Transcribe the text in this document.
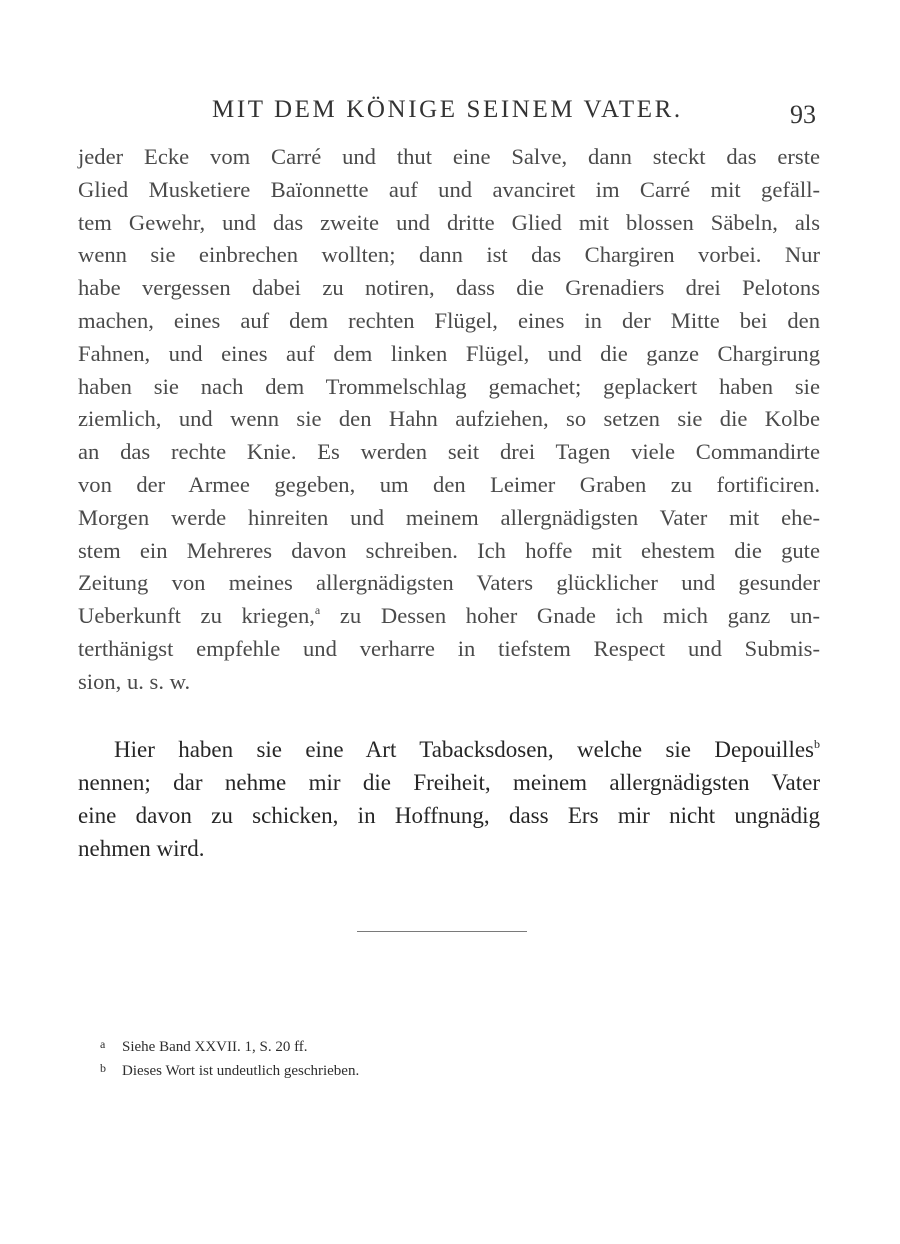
MIT DEM KÖNIGE SEINEM VATER.	93
jeder Ecke vom Carré und thut eine Salve, dann steckt das erste
Glied Musketiere Baïonnette auf und avanciret im Carré mit gefäll-
tem Gewehr, und das zweite und dritte Glied mit blossen Säbeln, als
wenn sie einbrechen wollten; dann ist das Chargiren vorbei. Nur
habe vergessen dabei zu notiren, dass die Grenadiers drei Pelotons
machen, eines auf dem rechten Flügel, eines in der Mitte bei den
Fahnen, und eines auf dem linken Flügel, und die ganze Chargirung
haben sie nach dem Trommelschlag gemachet; geplackert haben sie
ziemlich, und wenn sie den Hahn aufziehen, so setzen sie die Kolbe
an das rechte Knie. Es werden seit drei Tagen viele Commandirte
von der Armee gegeben, um den Leimer Graben zu fortificiren.
Morgen werde hinreiten und meinem allergnädigsten Vater mit ehe-
stem ein Mehreres davon schreiben. Ich hoffe mit ehestem die gute
Zeitung von meines allergnädigsten Vaters glücklicher und gesunder
Ueberkunft zu kriegen,$^a$ zu Dessen hoher Gnade ich mich ganz un-
terthänigst empfehle und verharre in tiefstem Respect und Submis-
sion, u. s. w.
Hier haben sie eine Art Tabacksdosen, welche sie Depouilles$^b$
nennen; dar nehme mir die Freiheit, meinem allergnädigsten Vater
eine davon zu schicken, in Hoffnung, dass Ers mir nicht ungnädig
nehmen wird.
a Siehe Band XXVII. 1, S. 20 ff.
b Dieses Wort ist undeutlich geschrieben.
